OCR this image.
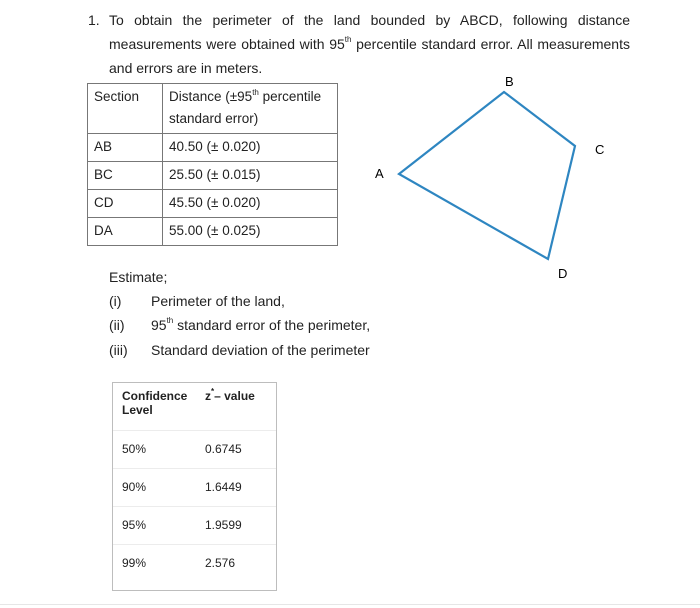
1. To obtain the perimeter of the land bounded by ABCD, following distance
measurements were obtained with 95th percentile standard error. All measurements
and errors are in meters.
Section	Distance (±95th percentile
standard error)
AB	40.50 (± 0.020)
BC	25.50 (± 0.015)
CD	45.50 (± 0.020)
DA	55.00 (± 0.025)
A
B
C
D
Estimate;
(i) Perimeter of the land,
(ii) 95th standard error of the perimeter,
(iii) Standard deviation of the perimeter
Confidence
Level
z*– value
50%	0.6745
90%	1.6449
95%	1.9599
99%	2.576
